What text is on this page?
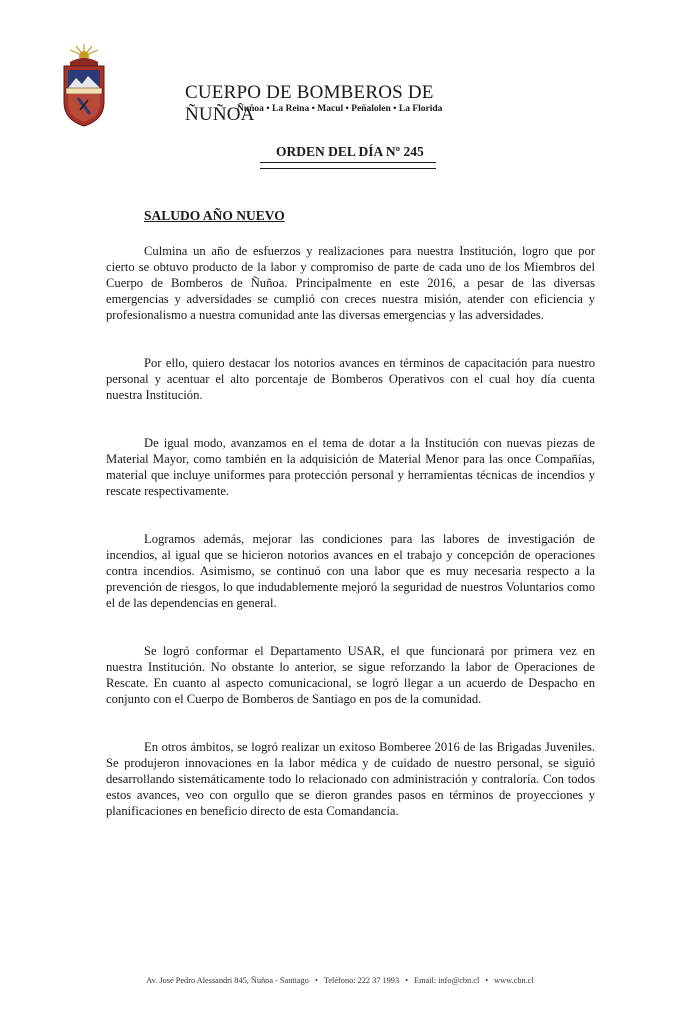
CUERPO DE BOMBEROS DE ÑUÑOA
Ñuñoa • La Reina • Macul • Peñalolen • La Florida
ORDEN DEL DÍA Nº 245
SALUDO AÑO NUEVO

Culmina un año de esfuerzos y realizaciones para nuestra Institución, logro que por cierto se obtuvo producto de la labor y compromiso de parte de cada uno de los Miembros del Cuerpo de Bomberos de Ñuñoa. Principalmente en este 2016, a pesar de las diversas emergencias y adversidades se cumplió con creces nuestra misión, atender con eficiencia y profesionalismo a nuestra comunidad ante las diversas emergencias y las adversidades.

Por ello, quiero destacar los notorios avances en términos de capacitación para nuestro personal y acentuar el alto porcentaje de Bomberos Operativos con el cual hoy día cuenta nuestra Institución.

De igual modo, avanzamos en el tema de dotar a la Institución con nuevas piezas de Material Mayor, como también en la adquisición de Material Menor para las once Compañías, material que incluye uniformes para protección personal y herramientas técnicas de incendios y rescate respectivamente.

Logramos además, mejorar las condiciones para las labores de investigación de incendios, al igual que se hicieron notorios avances en el trabajo y concepción de operaciones contra incendios. Asimismo, se continuó con una labor que es muy necesaria respecto a la prevención de riesgos, lo que indudablemente mejoró la seguridad de nuestros Voluntarios como el de las dependencias en general.

Se logró conformar el Departamento USAR, el que funcionará por primera vez en nuestra Institución. No obstante lo anterior, se sigue reforzando la labor de Operaciones de Rescate. En cuanto al aspecto comunicacional, se logró llegar a un acuerdo de Despacho en conjunto con el Cuerpo de Bomberos de Santiago en pos de la comunidad.

En otros ámbitos, se logró realizar un exitoso Bomberee 2016 de las Brigadas Juveniles. Se produjeron innovaciones en la labor médica y de cuidado de nuestro personal, se siguió desarrollando sistemáticamente todo lo relacionado con administración y contraloría. Con todos estos avances, veo con orgullo que se dieron grandes pasos en términos de proyecciones y planificaciones en beneficio directo de esta Comandancia.

Av. José Pedro Alessandri 845, Ñuñoa - Santiago • Teléfono: 222 37 1993 • Email: info@cbn.cl • www.cbn.cl
